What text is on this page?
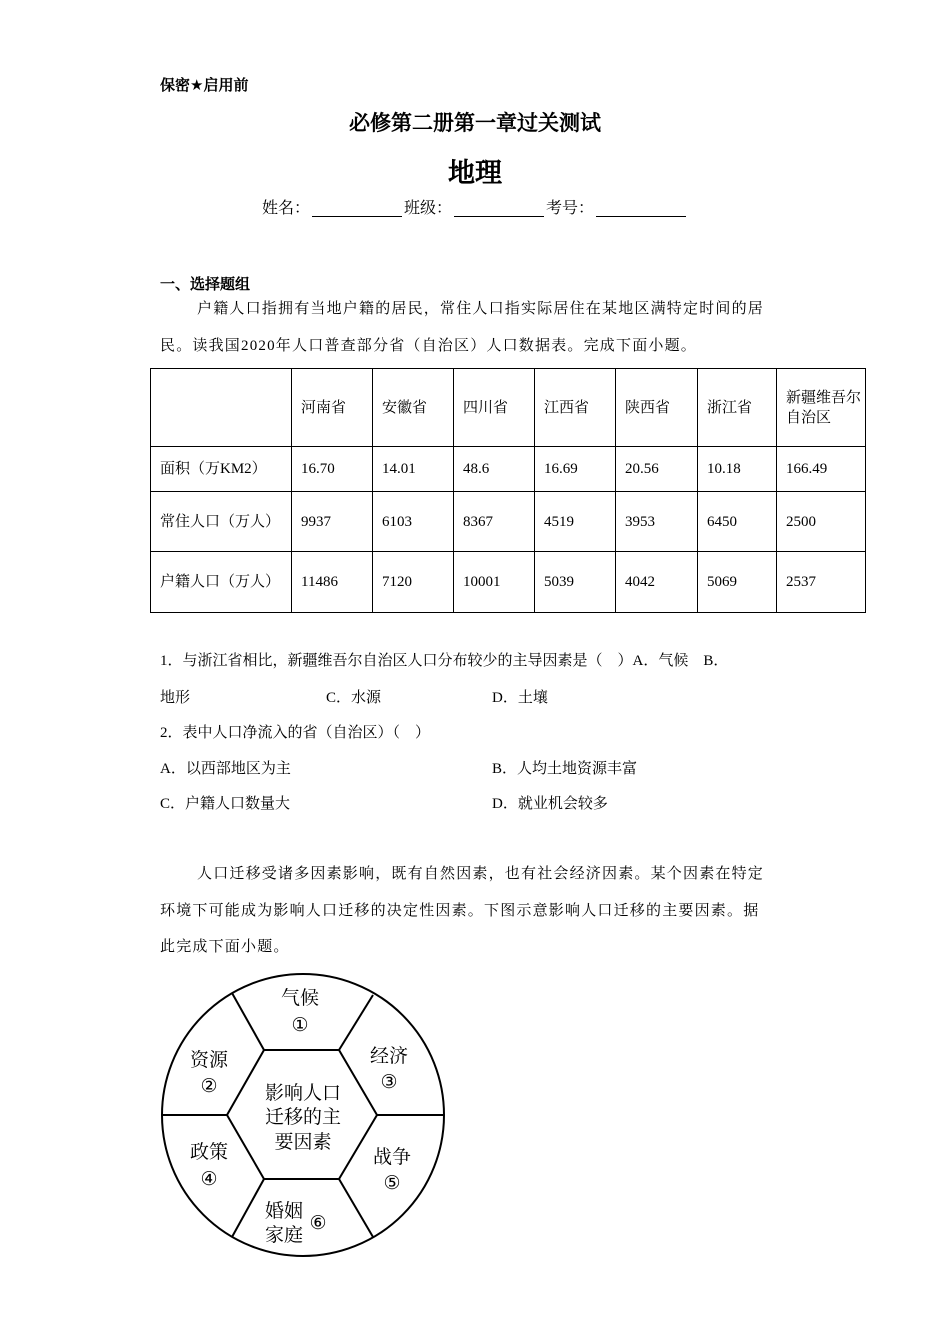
保密★启用前
必修第二册第一章过关测试
地理
姓名：	班级：	考号：
一、选择题组
户籍人口指拥有当地户籍的居民，常住人口指实际居住在某地区满特定时间的居
民。读我国2020年人口普查部分省（自治区）人口数据表。完成下面小题。
	河南省	安徽省	四川省	江西省	陕西省	浙江省	新疆维吾尔自治区
面积（万KM2）	16.70	14.01	48.6	16.69	20.56	10.18	166.49
常住人口（万人）	9937	6103	8367	4519	3953	6450	2500
户籍人口（万人）	11486	7120	10001	5039	4042	5069	2537
1．与浙江省相比，新疆维吾尔自治区人口分布较少的主导因素是（　）A．气候　B．
地形	C．水源	D．土壤
2．表中人口净流入的省（自治区）（　）
A．以西部地区为主	B．人均土地资源丰富
C．户籍人口数量大	D．就业机会较多
人口迁移受诸多因素影响，既有自然因素，也有社会经济因素。某个因素在特定
环境下可能成为影响人口迁移的决定性因素。下图示意影响人口迁移的主要因素。据
此完成下面小题。
影响人口
迁移的主
要因素
气候
①
资源
②
经济
③
政策
④
战争
⑤
婚姻
家庭
⑥
